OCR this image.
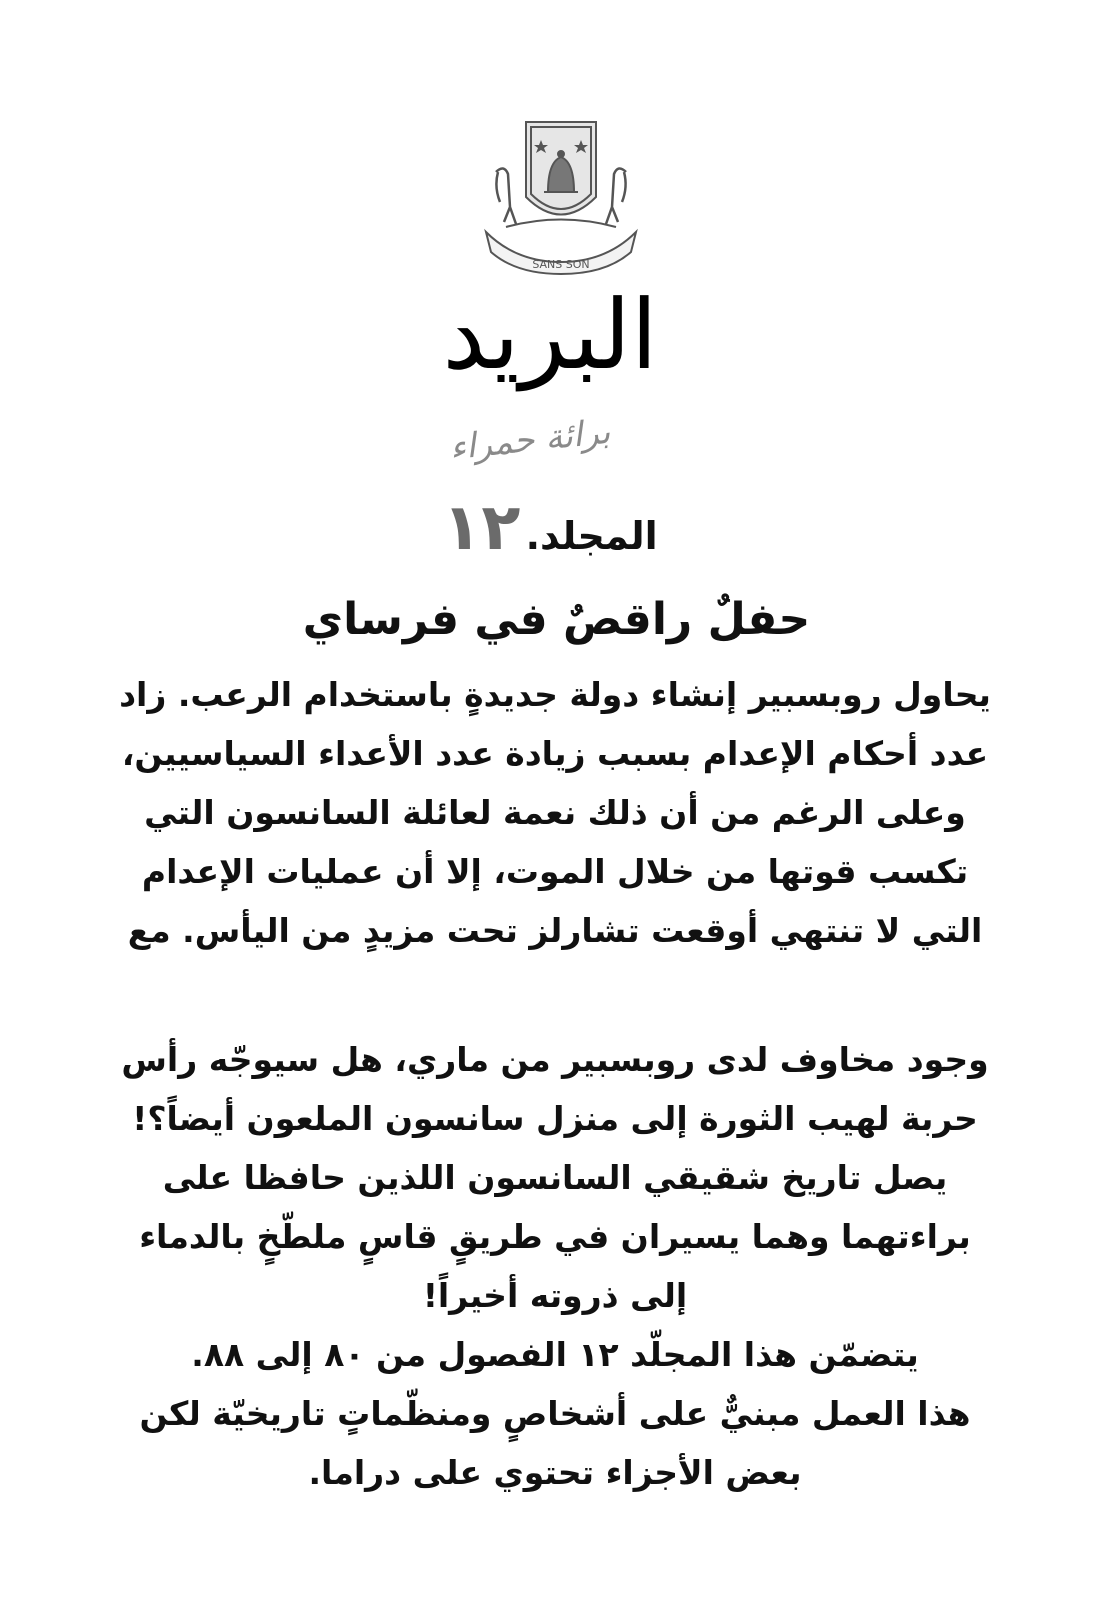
SANS SON
البريد
برائة حمراء
المجلد. ١٢
حفلٌ راقصٌ في فرساي
يحاول روبسبير إنشاء دولة جديدةٍ باستخدام الرعب. زاد
عدد أحكام الإعدام بسبب زيادة عدد الأعداء السياسيين،
وعلى الرغم من أن ذلك نعمة لعائلة السانسون التي
تكسب قوتها من خلال الموت، إلا أن عمليات الإعدام
التي لا تنتهي أوقعت تشارلز تحت مزيدٍ من اليأس. مع
وجود مخاوف لدى روبسبير من ماري، هل سيوجّه رأس
حربة لهيب الثورة إلى منزل سانسون الملعون أيضاً؟!
يصل تاريخ شقيقي السانسون اللذين حافظا على
براءتهما وهما يسيران في طريقٍ قاسٍ ملطّخٍ بالدماء
إلى ذروته أخيراً!
يتضمّن هذا المجلّد ١٢ الفصول من ٨٠ إلى ٨٨.
هذا العمل مبنيٌّ على أشخاصٍ ومنظّماتٍ تاريخيّة لكن
بعض الأجزاء تحتوي على دراما.
